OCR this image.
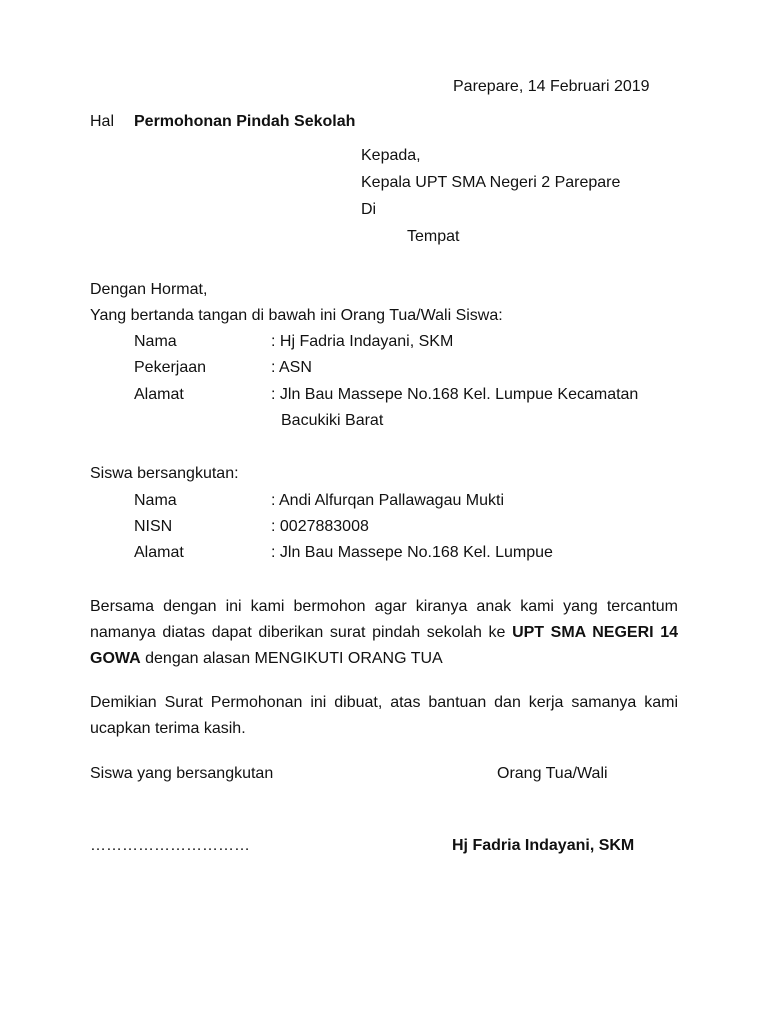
Parepare, 14 Februari 2019
Hal Permohonan Pindah Sekolah
Kepada,
Kepala UPT SMA Negeri 2 Parepare
Di
Tempat
Dengan Hormat,
Yang bertanda tangan di bawah ini Orang Tua/Wali Siswa:
Nama	: Hj Fadria Indayani, SKM
Pekerjaan	: ASN
Alamat	: Jln Bau Massepe No.168 Kel. Lumpue Kecamatan
Bacukiki Barat
Siswa bersangkutan:
Nama	: Andi Alfurqan Pallawagau Mukti
NISN	: 0027883008
Alamat	: Jln Bau Massepe No.168 Kel. Lumpue
Bersama dengan ini kami bermohon agar kiranya anak kami yang tercantum namanya diatas dapat diberikan surat pindah sekolah ke UPT SMA NEGERI 14 GOWA dengan alasan MENGIKUTI ORANG TUA
Demikian Surat Permohonan ini dibuat, atas bantuan dan kerja samanya kami ucapkan terima kasih.
Siswa yang bersangkutan	Orang Tua/Wali
…………………………	Hj Fadria Indayani, SKM
